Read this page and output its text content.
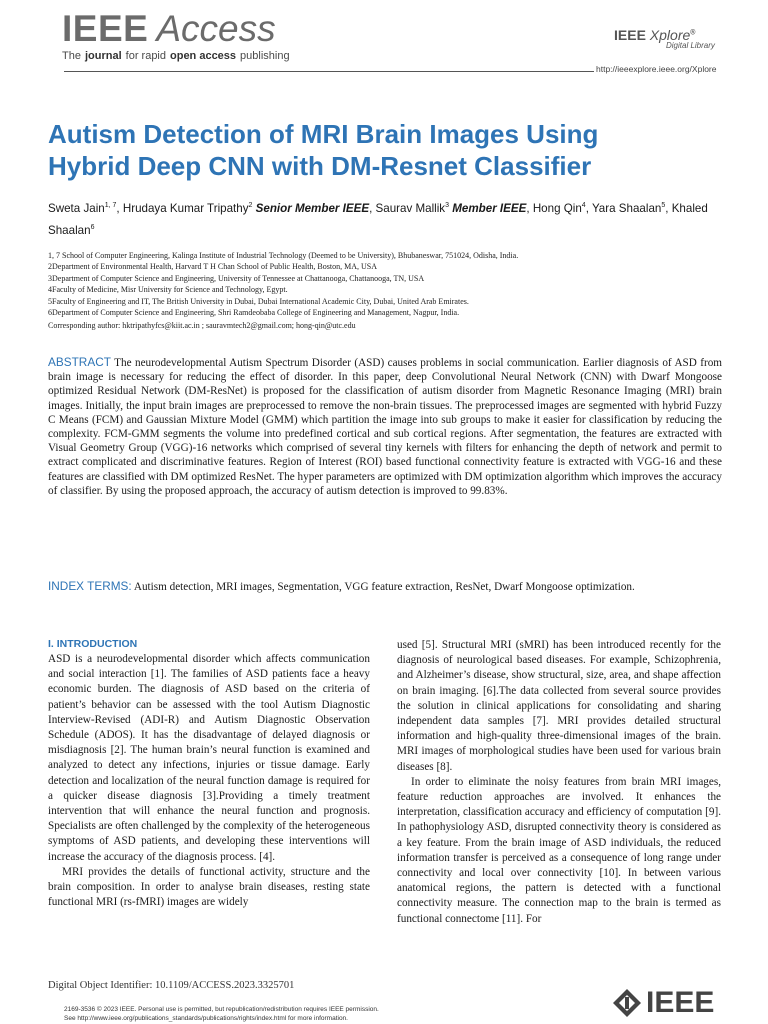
IEEE Access
The journal for rapid open access publishing
IEEE Xplore®
Digital Library
http://ieeexplore.ieee.org/Xplore
Autism Detection of MRI Brain Images Using
Hybrid Deep CNN with DM-Resnet Classifier
Sweta Jain$^{1, 7}$, Hrudaya Kumar Tripathy$^2$ Senior Member IEEE, Saurav Mallik$^3$ Member IEEE, Hong Qin$^4$, Yara Shaalan$^5$, Khaled Shaalan$^6$
1, 7 School of Computer Engineering, Kalinga Institute of Industrial Technology (Deemed to be University), Bhubaneswar, 751024, Odisha, India.
2Department of Environmental Health, Harvard T H Chan School of Public Health, Boston, MA, USA
3Department of Computer Science and Engineering, University of Tennessee at Chattanooga, Chattanooga, TN, USA
4Faculty of Medicine, Misr University for Science and Technology, Egypt.
5Faculty of Engineering and IT, The British University in Dubai, Dubai International Academic City, Dubai, United Arab Emirates.
6Department of Computer Science and Engineering, Shri Ramdeobaba College of Engineering and Management, Nagpur, India.
Corresponding author: hktripathyfcs@kiit.ac.in ; sauravmtech2@gmail.com; hong-qin@utc.edu
ABSTRACT The neurodevelopmental Autism Spectrum Disorder (ASD) causes problems in social communication. Earlier diagnosis of ASD from brain image is necessary for reducing the effect of disorder. In this paper, deep Convolutional Neural Network (CNN) with Dwarf Mongoose optimized Residual Network (DM-ResNet) is proposed for the classification of autism disorder from Magnetic Resonance Imaging (MRI) brain images. Initially, the input brain images are preprocessed to remove the non-brain tissues. The preprocessed images are segmented with hybrid Fuzzy C Means (FCM) and Gaussian Mixture Model (GMM) which partition the image into sub groups to make it easier for classification by reducing the complexity. FCM-GMM segments the volume into predefined cortical and sub cortical regions. After segmentation, the features are extracted with Visual Geometry Group (VGG)-16 networks which comprised of several tiny kernels with filters for enhancing the depth of network and permit to extract complicated and discriminative features. Region of Interest (ROI) based functional connectivity feature is extracted with VGG-16 and these features are classified with DM optimized ResNet. The hyper parameters are optimized with DM optimization algorithm which improves the accuracy of classifier. By using the proposed approach, the accuracy of autism detection is improved to 99.83%.
INDEX TERMS: Autism detection, MRI images, Segmentation, VGG feature extraction, ResNet, Dwarf Mongoose optimization.
I. INTRODUCTION

ASD is a neurodevelopmental disorder which affects communication and social interaction [1]. The families of ASD patients face a heavy economic burden. The diagnosis of ASD based on the criteria of patient’s behavior can be assessed with the tool Autism Diagnostic Interview-Revised (ADI-R) and Autism Diagnostic Observation Schedule (ADOS). It has the disadvantage of delayed diagnosis or misdiagnosis [2]. The human brain’s neural function is examined and analyzed to detect any infections, injuries or tissue damage. Early detection and localization of the neural function damage is required for a quicker disease diagnosis [3].Providing a timely treatment intervention that will enhance the neural function and prognosis. Specialists are often challenged by the complexity of the heterogeneous symptoms of ASD patients, and developing these interventions will increase the accuracy of the diagnosis process. [4].

MRI provides the details of functional activity, structure and the brain composition. In order to analyse brain diseases, resting state functional MRI (rs-fMRI) images are widely

used [5]. Structural MRI (sMRI) has been introduced recently for the diagnosis of neurological based diseases. For example, Schizophrenia, and Alzheimer’s disease, show structural, size, area, and shape affection on brain imaging. [6].The data collected from several source provides the solution in clinical applications for consolidating and sharing independent data samples [7]. MRI provides detailed structural information and high-quality three-dimensional images of the brain. MRI images of morphological studies have been used for various brain diseases [8].

In order to eliminate the noisy features from brain MRI images, feature reduction approaches are involved. It enhances the interpretation, classification accuracy and efficiency of computation [9]. In pathophysiology ASD, disrupted connectivity theory is considered as a key feature. From the brain image of ASD individuals, the reduced information transfer is perceived as a consequence of long range under connectivity and local over connectivity [10]. In between various anatomical regions, the pattern is detected with a functional connectivity measure. The connection map to the brain is termed as functional connectome [11]. For

Digital Object Identifier: 10.1109/ACCESS.2023.3325701
2169-3536 © 2023 IEEE. Personal use is permitted, but republication/redistribution requires IEEE permission.
See http://www.ieee.org/publications_standards/publications/rights/index.html for more information.	IEEE
